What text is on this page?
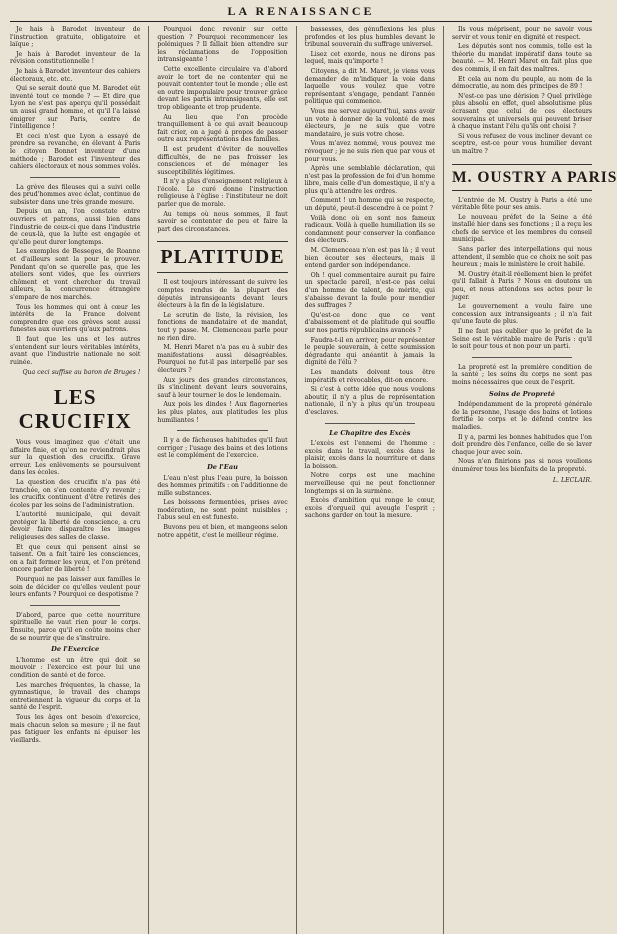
LA RENAISSANCE

Je hais à Barodet inventeur de l'instruction gratuite, obligatoire et laïque ;

Je hais à Barodet inventeur de la révision constitutionnelle !

Je hais à Barodet inventeur des cahiers électoraux, etc. etc.

Qui se serait douté que M. Barodet eût inventé tout ce monde ? — Et dire que Lyon ne s'est pas aperçu qu'il possédait un aussi grand homme, et qu'il l'a laissé émigrer sur Paris, centre de l'intelligence !

Et ceci n'est que Lyon a essayé de prendre sa revanche, en élevant à Paris le citoyen Bonnet inventeur d'une méthode ; Barodet est l'inventeur des cahiers électoraux et nous sommes volés.

La grève des fileuses qui a suivi celle des prud'hommes avec éclat, continue de subsister dans une très grande mesure.

Depuis un an, l'on constate entre ouvriers et patrons, aussi bien dans l'industrie de ceux-ci que dans l'industrie de ceux-là, que la lutte est engagée et qu'elle peut durer longtemps.

Les exemples de Besseges, de Roanne et d'ailleurs sont la pour le prouver. Pendant qu'on se querelle pas, que les ateliers sont vides, que les ouvriers chôment et vont chercher du travail ailleurs, la concurrence étrangère s'empare de nos marchés.

Tous les hommes qui ont à cœur les intérêts de la France doivent comprendre que ces grèves sont aussi funestes aux ouvriers qu'aux patrons.

Il faut que les uns et les autres s'entendent sur leurs véritables intérêts, avant que l'industrie nationale ne soit ruinée.

Qua ceci suffise au baron de Bruges !

LES CRUCIFIX

Vous vous imaginez que c'était une affaire finie, et qu'on ne reviendrait plus sur la question des crucifix. Grave erreur. Les enlèvements se poursuivent dans les écoles.

La question des crucifix n'a pas été tranchée, on s'en contente d'y revenir ; les crucifix continuent d'être retirés des écoles par les soins de l'administration.

L'autorité municipale, qui devait protéger la liberté de conscience, a cru devoir faire disparaître les images religieuses des salles de classe.

Et que ceux qui pensent ainsi se taisent. On a fait taire les consciences, on a fait fermer les yeux, et l'on prétend encore parler de liberté !

Pourquoi ne pas laisser aux familles le soin de décider ce qu'elles veulent pour leurs enfants ? Pourquoi ce despotisme ?

D'abord, parce que cette nourriture spirituelle ne vaut rien pour le corps. Ensuite, parce qu'il en coûte moins cher de se nourrir que de s'instruire.

De l'Exercice

L'homme est un être qui doit se mouvoir : l'exercice est pour lui une condition de santé et de force.

Les marches fréquentes, la chasse, la gymnastique, le travail des champs entretiennent la vigueur du corps et la santé de l'esprit.

Tous les âges ont besoin d'exercice, mais chacun selon sa mesure ; il ne faut pas fatiguer les enfants ni épuiser les vieillards.

Pourquoi donc revenir sur cette question ? Pourquoi recommencer les polémiques ? Il fallait bien attendre sur les réclamations de l'opposition intransigeante !

Cette excellente circulaire va d'abord avoir le tort de ne contenter qui ne pouvait contenter tout le monde ; elle est en outre impopulaire pour trouver grâce devant les partis intransigeants, elle est trop obligeante et trop prudente.

Au lieu que l'on procède tranquillement à ce qui avait beaucoup fait crier, on a jugé à propos de passer outre aux représentations des familles.

Il est prudent d'éviter de nouvelles difficultés, de ne pas froisser les consciences et de ménager les susceptibilités légitimes.

Il n'y a plus d'enseignement religieux à l'école. Le curé donne l'instruction religieuse à l'église : l'instituteur ne doit parler que de morale.

Au temps où nous sommes, il faut savoir se contenter de peu et faire la part des circonstances.

PLATITUDE

Il est toujours intéressant de suivre les comptes rendus de la plupart des députés intransigeants devant leurs électeurs à la fin de la législature.

Le scrutin de liste, la révision, les fonctions de mandataire et de mandat, tout y passe. M. Clemenceau parle pour ne rien dire.

M. Henri Maret n'a pas eu à subir des manifestations aussi désagréables. Pourquoi ne fut-il pas interpellé par ses électeurs ?

Aux jours des grandes circonstances, ils s'inclinent devant leurs souverains, sauf à leur tourner le dos le lendemain.

Aux pois les dindes ! Aux flagorneries les plus plates, aux platitudes les plus humiliantes !

Il y a de fâcheuses habitudes qu'il faut corriger ; l'usage des bains et des lotions est le complément de l'exercice.

De l'Eau

L'eau n'est plus l'eau pure, la boisson des hommes primitifs : on l'additionne de mille substances.

Les boissons fermentées, prises avec modération, ne sont point nuisibles ; l'abus seul en est funeste.

Buvons peu et bien, et mangeons selon notre appétit, c'est le meilleur régime.

bassesses, des génuflexions les plus profondes et les plus humbles devant le tribunal souverain du suffrage universel.

Lisez cet exorde, nous ne dirons pas lequel, mais qu'importe !

Citoyens, a dit M. Maret, je viens vous demander de m'indiquer la voie dans laquelle vous voulez que votre représentant s'engage, pendant l'année politique qui commence.

Vous me servez aujourd'hui, sans avoir un vote à donner de la volonté de mes électeurs, je ne suis que votre mandataire, je suis votre chose.

Vous m'avez nommé, vous pouvez me révoquer ; je ne suis rien que par vous et pour vous.

Après une semblable déclaration, qui n'est pas la profession de foi d'un homme libre, mais celle d'un domestique, il n'y a plus qu'à attendre les ordres.

Comment ! un homme qui se respecte, un député, peut-il descendre à ce point ?

Voilà donc où en sont nos fameux radicaux. Voilà à quelle humiliation ils se condamnent pour conserver la confiance des électeurs.

M. Clemenceau n'en est pas là ; il veut bien écouter ses électeurs, mais il entend garder son indépendance.

Oh ! quel commentaire aurait pu faire un spectacle pareil, n'est-ce pas celui d'un homme de talent, de mérite, qui s'abaisse devant la foule pour mendier des suffrages ?

Qu'est-ce donc que ce vent d'abaissement et de platitude qui souffle sur nos partis républicains avancés ?

Faudra-t-il en arriver, pour représenter le peuple souverain, à cette soumission dégradante qui anéantit à jamais la dignité de l'élu ?

Les mandats doivent tous être impératifs et révocables, dit-on encore.

Si c'est à cette idée que nous voulons aboutir, il n'y a plus de représentation nationale, il n'y a plus qu'un troupeau d'esclaves.

Le Chapitre des Excès

L'excès est l'ennemi de l'homme : excès dans le travail, excès dans le plaisir, excès dans la nourriture et dans la boisson.

Notre corps est une machine merveilleuse qui ne peut fonctionner longtemps si on la surmène.

Excès d'ambition qui ronge le cœur, excès d'orgueil qui aveugle l'esprit ; sachons garder en tout la mesure.

Ils vous méprisent, pour ne savoir vous servir et vous tenir en dignité et respect.

Les députés sont nos commis, telle est la théorie du mandat impératif dans toute sa beauté. — M. Henri Maret en fait plus que des commis, il en fait des maîtres.

Et cela au nom du peuple, au nom de la démocratie, au nom des principes de 89 !

N'est-ce pas une dérision ? Quel privilège plus absolu en effet, quel absolutisme plus écrasant que celui de ces électeurs souverains et universels qui peuvent briser à chaque instant l'élu qu'ils ont choisi ?

Si vous refusez de vous incliner devant ce sceptre, est-ce pour vous humilier devant un maître ?

M. OUSTRY A PARIS

L'entrée de M. Oustry à Paris a été une véritable fête pour ses amis.

Le nouveau préfet de la Seine a été installé hier dans ses fonctions ; il a reçu les chefs de service et les membres du conseil municipal.

Sans parler des interpellations qui nous attendent, il semble que ce choix ne soit pas heureux ; mais le ministère le croit habile.

M. Oustry était-il réellement bien le préfet qu'il fallait à Paris ? Nous en doutons un peu, et nous attendons ses actes pour le juger.

Le gouvernement a voulu faire une concession aux intransigeants ; il n'a fait qu'une faute de plus.

Il ne faut pas oublier que le préfet de la Seine est le véritable maire de Paris : qu'il le soit pour tous et non pour un parti.

La propreté est la première condition de la santé ; les soins du corps ne sont pas moins nécessaires que ceux de l'esprit.

Soins de Propreté

Indépendamment de la propreté générale de la personne, l'usage des bains et lotions fortifie le corps et le défend contre les maladies.

Il y a, parmi les bonnes habitudes que l'on doit prendre dès l'enfance, celle de se laver chaque jour avec soin.

Nous n'en finirions pas si nous voulions énumérer tous les bienfaits de la propreté.

L. LECLAIR.
